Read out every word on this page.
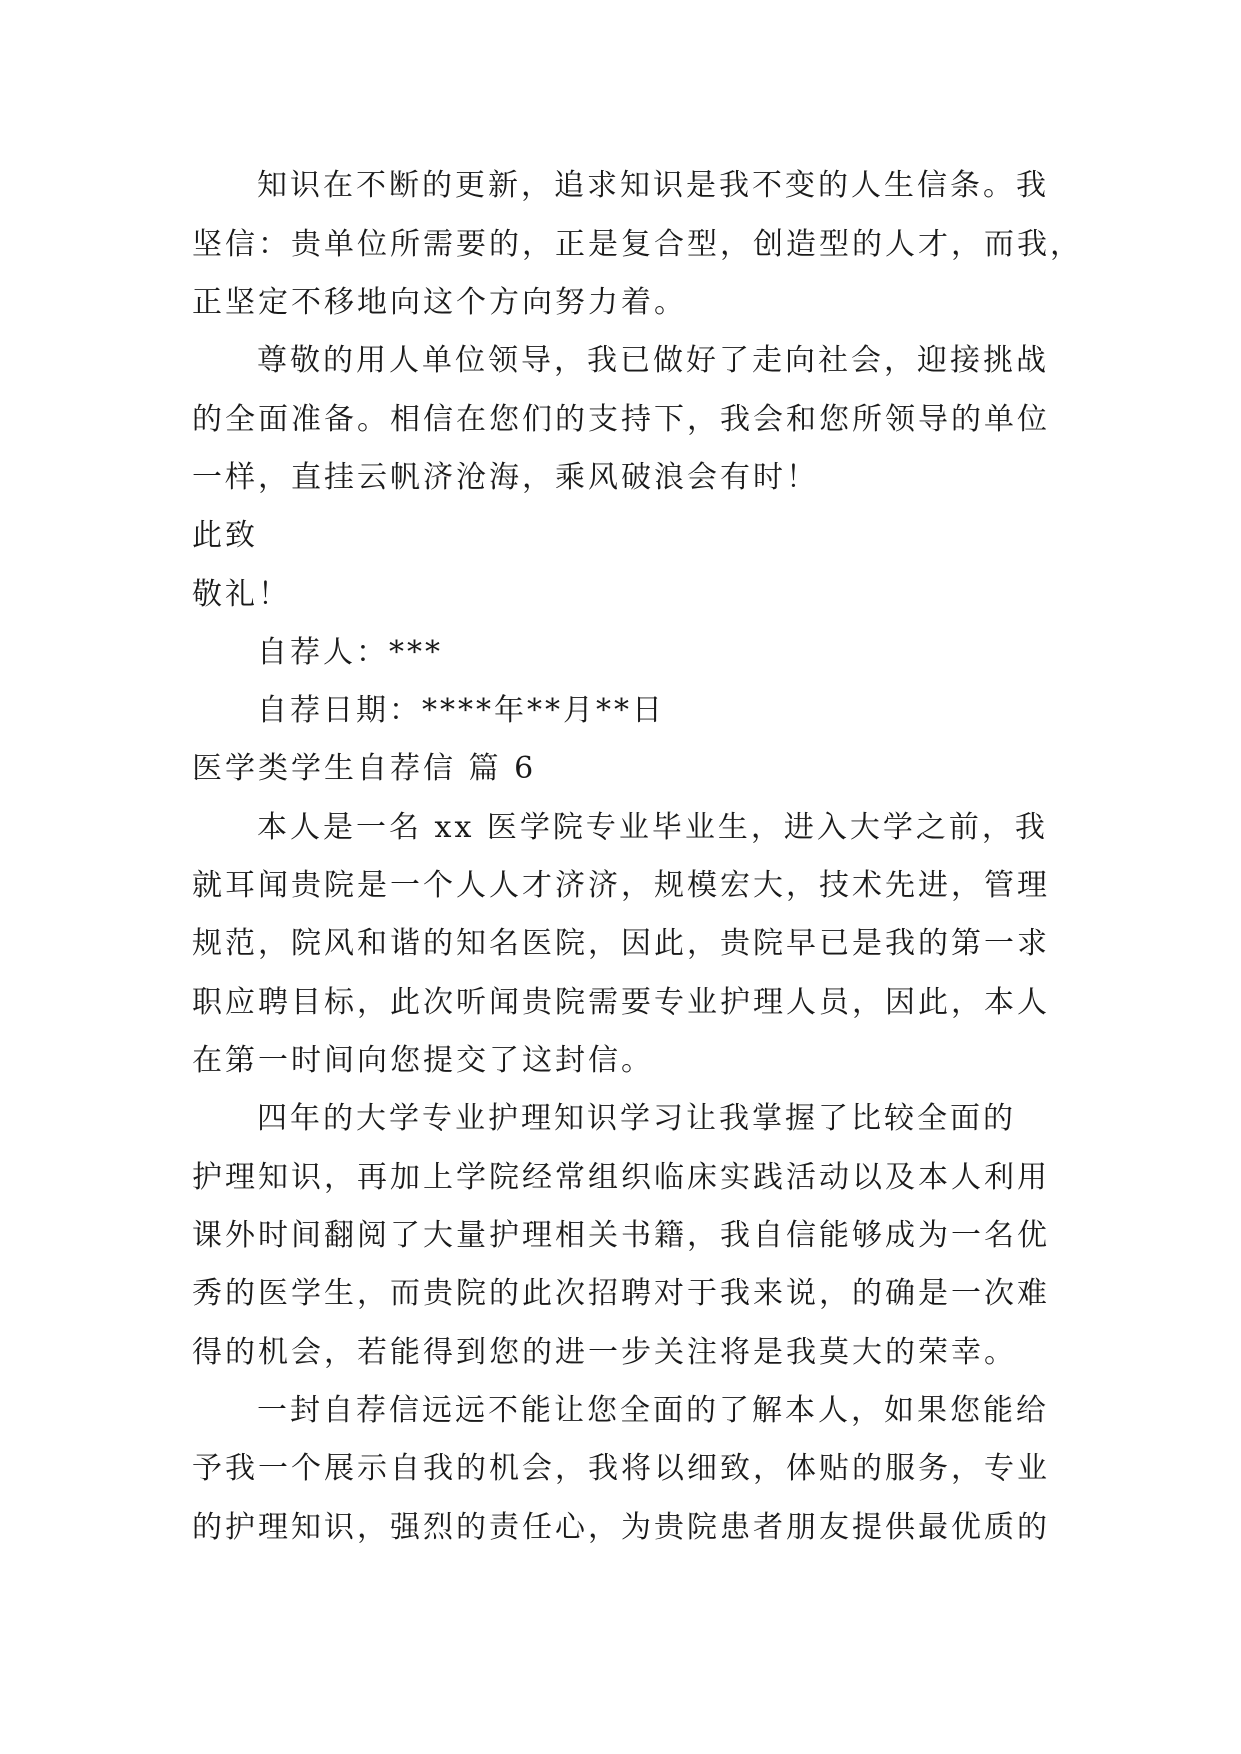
知识在不断的更新，追求知识是我不变的人生信条。我
坚信：贵单位所需要的，正是复合型，创造型的人才，而我，
正坚定不移地向这个方向努力着。
尊敬的用人单位领导，我已做好了走向社会，迎接挑战
的全面准备。相信在您们的支持下，我会和您所领导的单位
一样，直挂云帆济沧海，乘风破浪会有时！
此致
敬礼！
自荐人：***
自荐日期：****年**月**日
医学类学生自荐信 篇 6
本人是一名 xx 医学院专业毕业生，进入大学之前，我
就耳闻贵院是一个人人才济济，规模宏大，技术先进，管理
规范，院风和谐的知名医院，因此，贵院早已是我的第一求
职应聘目标，此次听闻贵院需要专业护理人员，因此，本人
在第一时间向您提交了这封信。
四年的大学专业护理知识学习让我掌握了比较全面的
护理知识，再加上学院经常组织临床实践活动以及本人利用
课外时间翻阅了大量护理相关书籍，我自信能够成为一名优
秀的医学生，而贵院的此次招聘对于我来说，的确是一次难
得的机会，若能得到您的进一步关注将是我莫大的荣幸。
一封自荐信远远不能让您全面的了解本人，如果您能给
予我一个展示自我的机会，我将以细致，体贴的服务，专业
的护理知识，强烈的责任心，为贵院患者朋友提供最优质的
